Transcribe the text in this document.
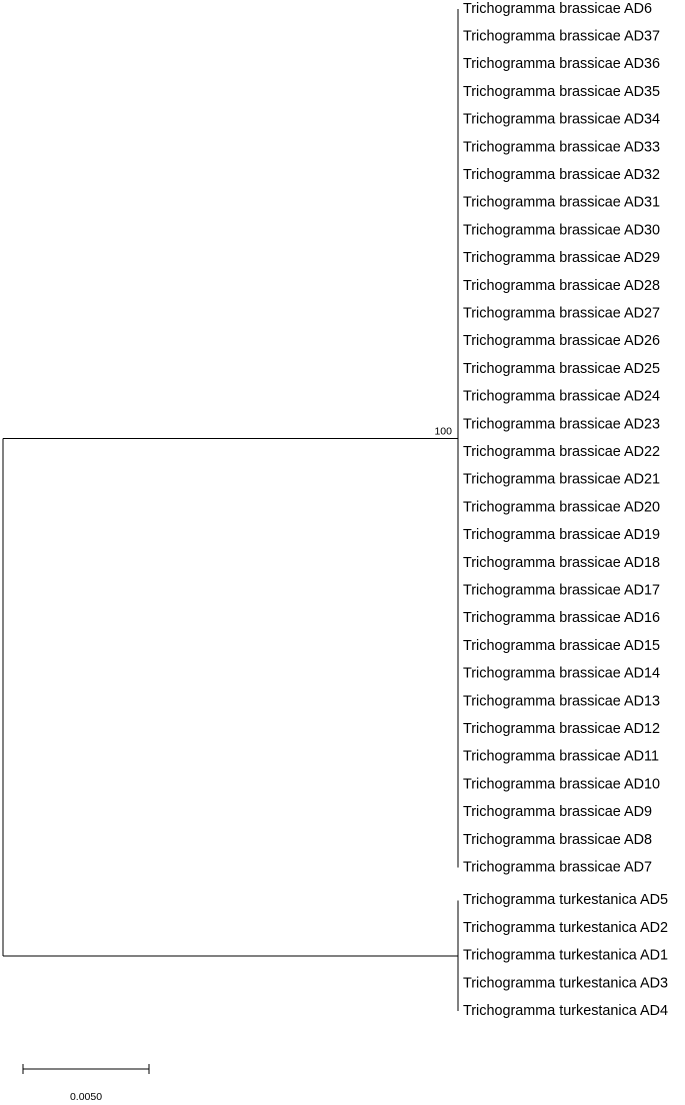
Trichogramma brassicae AD6
Trichogramma brassicae AD37
Trichogramma brassicae AD36
Trichogramma brassicae AD35
Trichogramma brassicae AD34
Trichogramma brassicae AD33
Trichogramma brassicae AD32
Trichogramma brassicae AD31
Trichogramma brassicae AD30
Trichogramma brassicae AD29
Trichogramma brassicae AD28
Trichogramma brassicae AD27
Trichogramma brassicae AD26
Trichogramma brassicae AD25
Trichogramma brassicae AD24
Trichogramma brassicae AD23
Trichogramma brassicae AD22
Trichogramma brassicae AD21
Trichogramma brassicae AD20
Trichogramma brassicae AD19
Trichogramma brassicae AD18
Trichogramma brassicae AD17
Trichogramma brassicae AD16
Trichogramma brassicae AD15
Trichogramma brassicae AD14
Trichogramma brassicae AD13
Trichogramma brassicae AD12
Trichogramma brassicae AD11
Trichogramma brassicae AD10
Trichogramma brassicae AD9
Trichogramma brassicae AD8
Trichogramma brassicae AD7
Trichogramma turkestanica AD5
Trichogramma turkestanica AD2
Trichogramma turkestanica AD1
Trichogramma turkestanica AD3
Trichogramma turkestanica AD4
100
0.0050
